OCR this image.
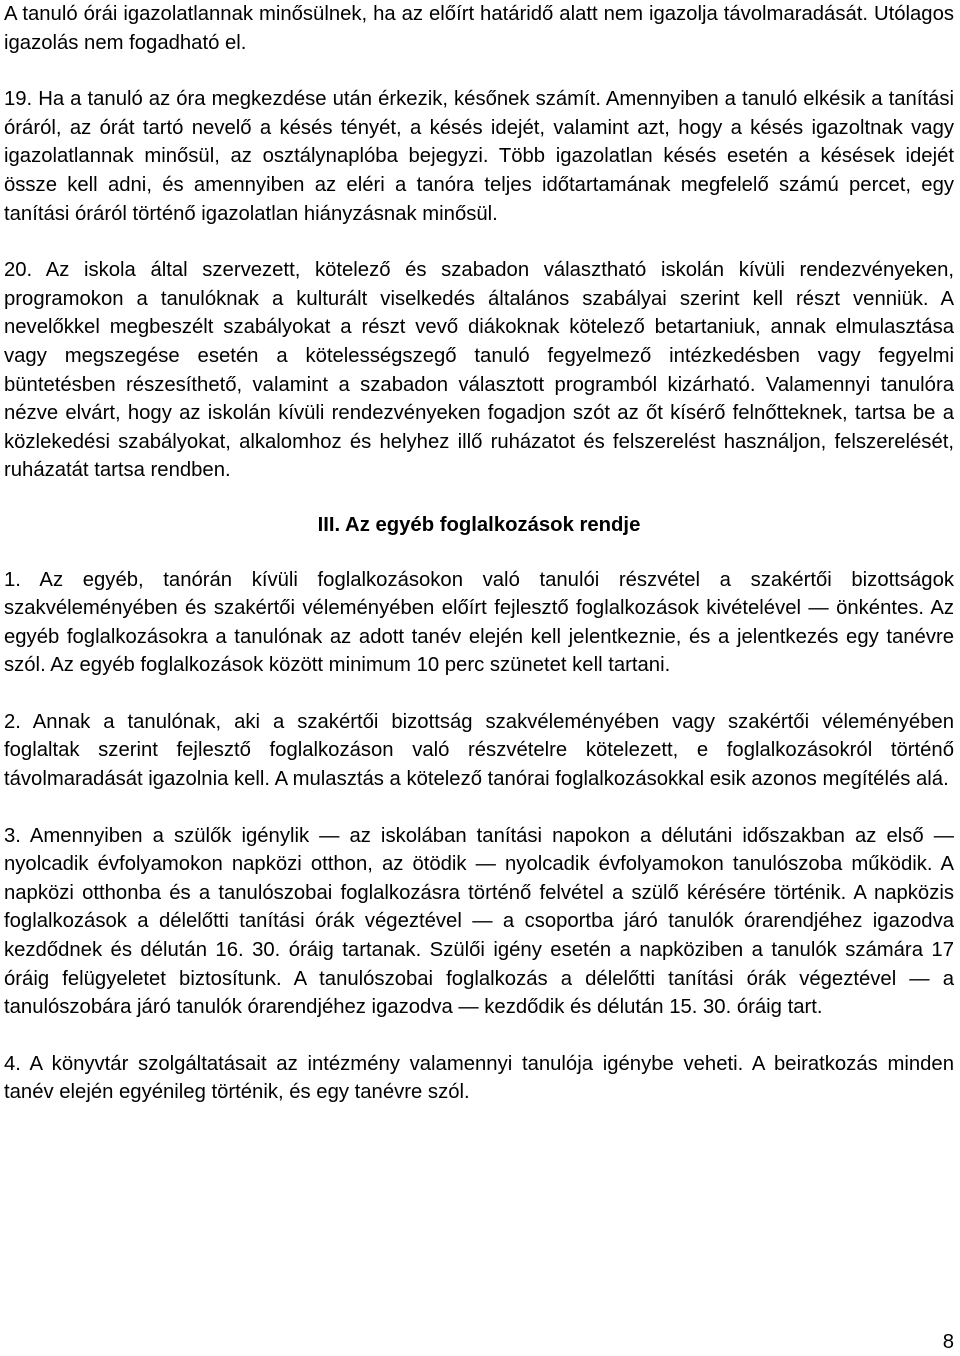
A tanuló órái igazolatlannak minősülnek, ha az előírt határidő alatt nem igazolja távolmaradását. Utólagos igazolás nem fogadható el.

19. Ha a tanuló az óra megkezdése után érkezik, későnek számít. Amennyiben a tanuló elkésik a tanítási óráról, az órát tartó nevelő a késés tényét, a késés idejét, valamint azt, hogy a késés igazoltnak vagy igazolatlannak minősül, az osztálynaplóba bejegyzi. Több igazolatlan késés esetén a késések idejét össze kell adni, és amennyiben az eléri a tanóra teljes időtartamának megfelelő számú percet, egy tanítási óráról történő igazolatlan hiányzásnak minősül.

20. Az iskola által szervezett, kötelező és szabadon választható iskolán kívüli rendezvényeken, programokon a tanulóknak a kulturált viselkedés általános szabályai szerint kell részt venniük. A nevelőkkel megbeszélt szabályokat a részt vevő diákoknak kötelező betartaniuk, annak elmulasztása vagy megszegése esetén a kötelességszegő tanuló fegyelmező intézkedésben vagy fegyelmi büntetésben részesíthető, valamint a szabadon választott programból kizárható. Valamennyi tanulóra nézve elvárt, hogy az iskolán kívüli rendezvényeken fogadjon szót az őt kísérő felnőtteknek, tartsa be a közlekedési szabályokat, alkalomhoz és helyhez illő ruházatot és felszerelést használjon, felszerelését, ruházatát tartsa rendben.

III. Az egyéb foglalkozások rendje

1. Az egyéb, tanórán kívüli foglalkozásokon való tanulói részvétel a szakértői bizottságok szakvéleményében és szakértői véleményében előírt fejlesztő foglalkozások kivételével — önkéntes. Az egyéb foglalkozásokra a tanulónak az adott tanév elején kell jelentkeznie, és a jelentkezés egy tanévre szól. Az egyéb foglalkozások között minimum 10 perc szünetet kell tartani.

2. Annak a tanulónak, aki a szakértői bizottság szakvéleményében vagy szakértői véleményében foglaltak szerint fejlesztő foglalkozáson való részvételre kötelezett, e foglalkozásokról történő távolmaradását igazolnia kell. A mulasztás a kötelező tanórai foglalkozásokkal esik azonos megítélés alá.

3. Amennyiben a szülők igénylik — az iskolában tanítási napokon a délutáni időszakban az első — nyolcadik évfolyamokon napközi otthon, az ötödik — nyolcadik évfolyamokon tanulószoba működik. A napközi otthonba és a tanulószobai foglalkozásra történő felvétel a szülő kérésére történik. A napközis foglalkozások a délelőtti tanítási órák végeztével — a csoportba járó tanulók órarendjéhez igazodva kezdődnek és délután 16. 30. óráig tartanak. Szülői igény esetén a napköziben a tanulók számára 17 óráig felügyeletet biztosítunk. A tanulószobai foglalkozás a délelőtti tanítási órák végeztével — a tanulószobára járó tanulók órarendjéhez igazodva — kezdődik és délután 15. 30. óráig tart.

4. A könyvtár szolgáltatásait az intézmény valamennyi tanulója igénybe veheti. A beiratkozás minden tanév elején egyénileg történik, és egy tanévre szól.

8
